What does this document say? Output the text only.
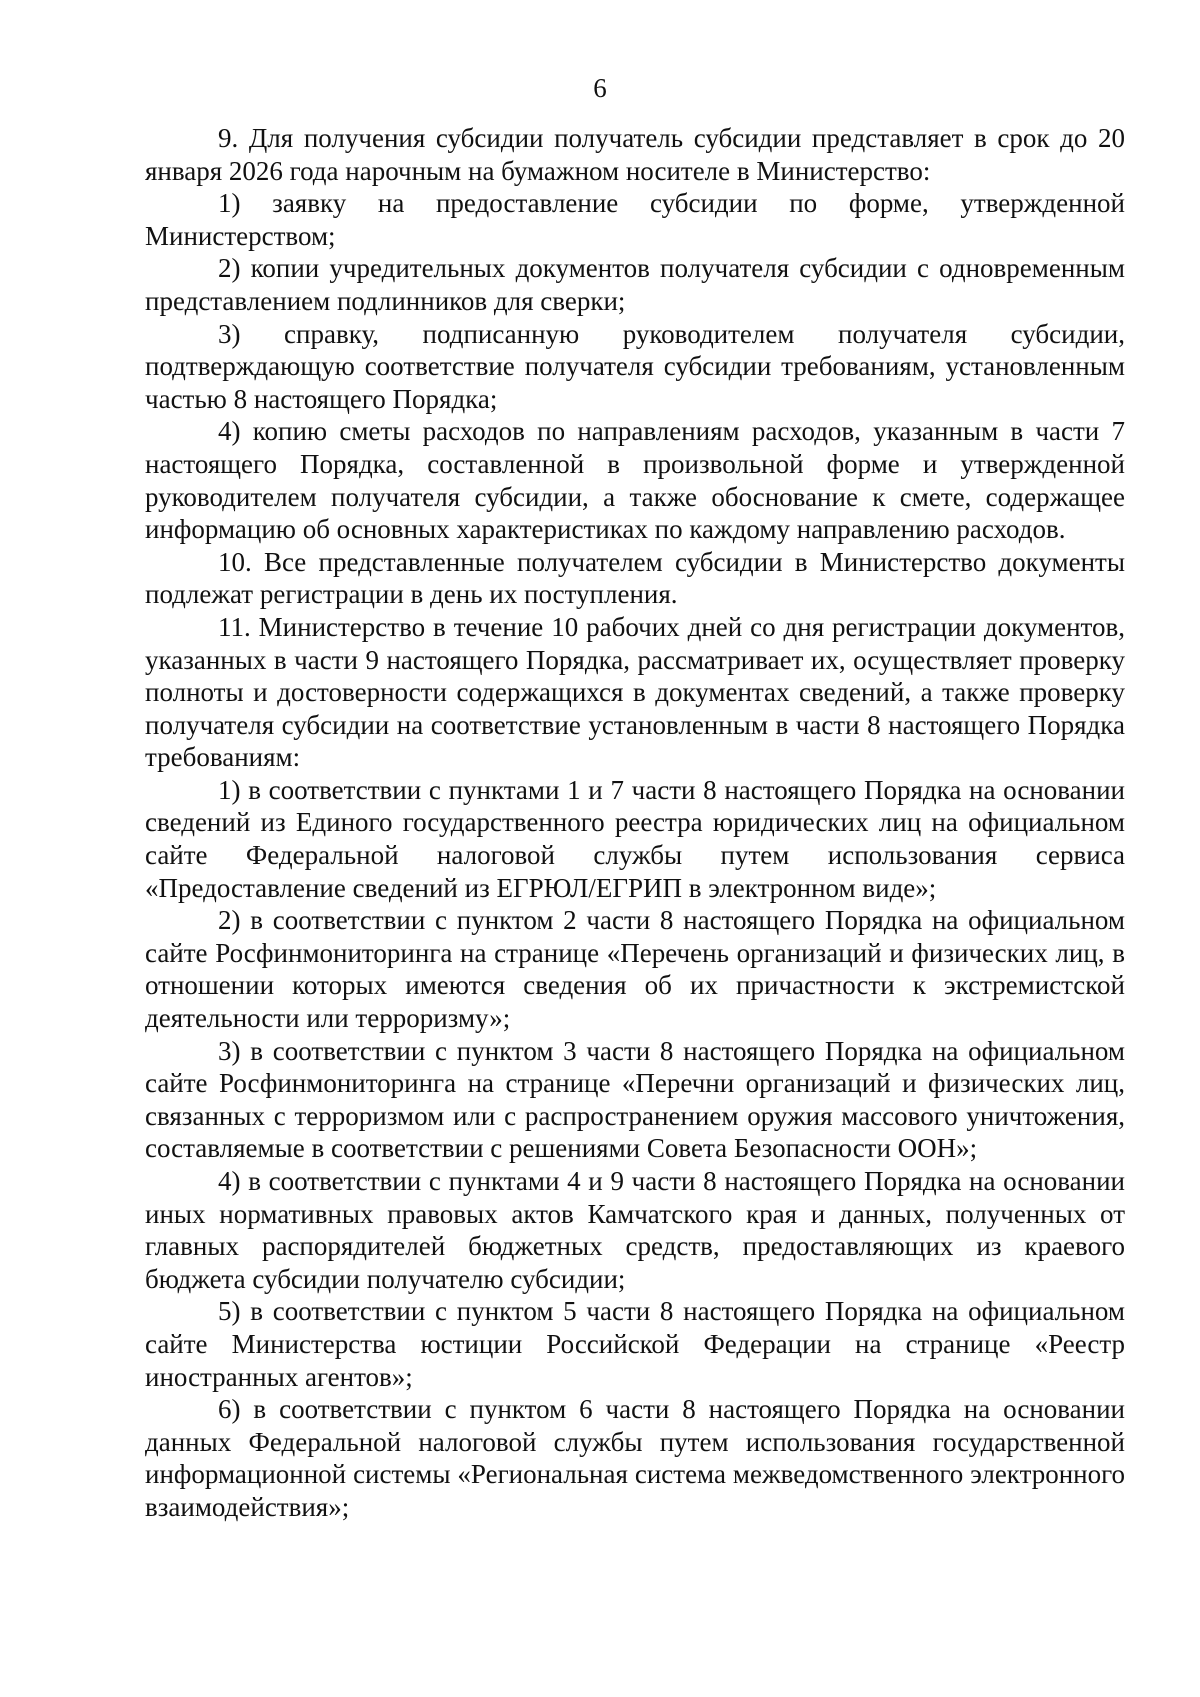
6

9. Для получения субсидии получатель субсидии представляет в срок до 20 января 2026 года нарочным на бумажном носителе в Министерство:

1) заявку на предоставление субсидии по форме, утвержденной Министерством;

2) копии учредительных документов получателя субсидии с одновременным представлением подлинников для сверки;

3) справку, подписанную руководителем получателя субсидии, подтверждающую соответствие получателя субсидии требованиям, установленным частью 8 настоящего Порядка;

4) копию сметы расходов по направлениям расходов, указанным в части 7 настоящего Порядка, составленной в произвольной форме и утвержденной руководителем получателя субсидии, а также обоснование к смете, содержащее информацию об основных характеристиках по каждому направлению расходов.

10. Все представленные получателем субсидии в Министерство документы подлежат регистрации в день их поступления.

11. Министерство в течение 10 рабочих дней со дня регистрации документов, указанных в части 9 настоящего Порядка, рассматривает их, осуществляет проверку полноты и достоверности содержащихся в документах сведений, а также проверку получателя субсидии на соответствие установленным в части 8 настоящего Порядка требованиям:

1) в соответствии с пунктами 1 и 7 части 8 настоящего Порядка на основании сведений из Единого государственного реестра юридических лиц на официальном сайте Федеральной налоговой службы путем использования сервиса «Предоставление сведений из ЕГРЮЛ/ЕГРИП в электронном виде»;

2) в соответствии с пунктом 2 части 8 настоящего Порядка на официальном сайте Росфинмониторинга на странице «Перечень организаций и физических лиц, в отношении которых имеются сведения об их причастности к экстремистской деятельности или терроризму»;

3) в соответствии с пунктом 3 части 8 настоящего Порядка на официальном сайте Росфинмониторинга на странице «Перечни организаций и физических лиц, связанных с терроризмом или с распространением оружия массового уничтожения, составляемые в соответствии с решениями Совета Безопасности ООН»;

4) в соответствии с пунктами 4 и 9 части 8 настоящего Порядка на основании иных нормативных правовых актов Камчатского края и данных, полученных от главных распорядителей бюджетных средств, предоставляющих из краевого бюджета субсидии получателю субсидии;

5) в соответствии с пунктом 5 части 8 настоящего Порядка на официальном сайте Министерства юстиции Российской Федерации на странице «Реестр иностранных агентов»;

6) в соответствии с пунктом 6 части 8 настоящего Порядка на основании данных Федеральной налоговой службы путем использования государственной информационной системы «Региональная система межведомственного электронного взаимодействия»;
